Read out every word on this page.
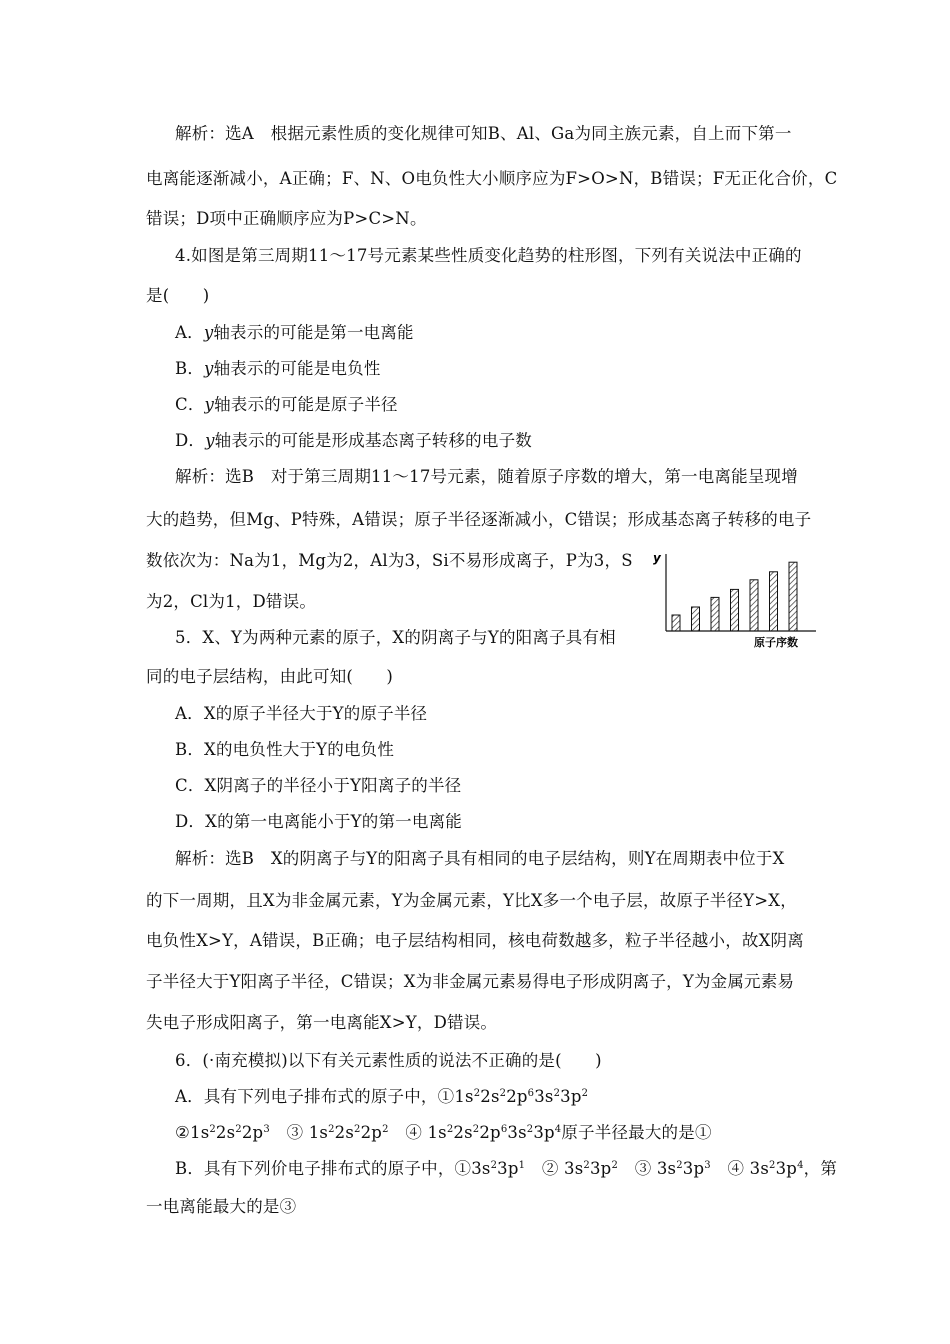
解析：选A　根据元素性质的变化规律可知B、Al、Ga为同主族元素，自上而下第一
电离能逐渐减小，A正确；F、N、O电负性大小顺序应为F>O>N，B错误；F无正化合价，C
错误；D项中正确顺序应为P>C>N。
4.如图是第三周期11～17号元素某些性质变化趋势的柱形图，下列有关说法中正确的
是(　　)
A．y轴表示的可能是第一电离能
B．y轴表示的可能是电负性
C．y轴表示的可能是原子半径
D．y轴表示的可能是形成基态离子转移的电子数
解析：选B　对于第三周期11～17号元素，随着原子序数的增大，第一电离能呈现增
大的趋势，但Mg、P特殊，A错误；原子半径逐渐减小，C错误；形成基态离子转移的电子
数依次为：Na为1，Mg为2，Al为3，Si不易形成离子，P为3，S
为2，Cl为1，D错误。
y
原子序数
5．X、Y为两种元素的原子，X的阴离子与Y的阳离子具有相
同的电子层结构，由此可知(　　)
A．X的原子半径大于Y的原子半径
B．X的电负性大于Y的电负性
C．X阴离子的半径小于Y阳离子的半径
D．X的第一电离能小于Y的第一电离能
解析：选B　X的阴离子与Y的阳离子具有相同的电子层结构，则Y在周期表中位于X
的下一周期，且X为非金属元素，Y为金属元素，Y比X多一个电子层，故原子半径Y>X，
电负性X>Y，A错误，B正确；电子层结构相同，核电荷数越多，粒子半径越小，故X阴离
子半径大于Y阳离子半径，C错误；X为非金属元素易得电子形成阴离子，Y为金属元素易
失电子形成阳离子，第一电离能X>Y，D错误。
6．(·南充模拟)以下有关元素性质的说法不正确的是(　　)
A．具有下列电子排布式的原子中，$①1s^22s^22p^63s^23p^2$
$②1s^22s^22p^3$　③ $1s^22s^22p^2$　④ $1s^22s^22p^63s^23p^4$原子半径最大的是①
B．具有下列价电子排布式的原子中，$①3s^23p^1$　② $3s^23p^2$　③ $3s^23p^3$　④ $3s^23p^4$，第
一电离能最大的是③
